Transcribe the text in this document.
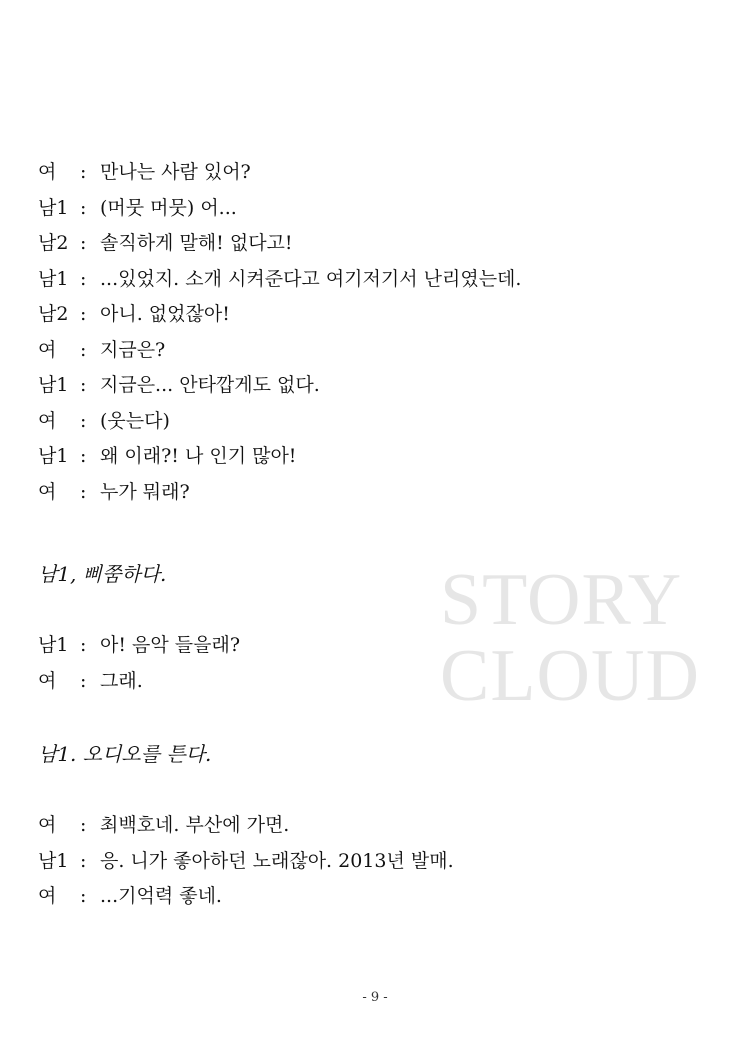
STORY
CLOUD
여	: 만나는 사람 있어?
남1 : (머뭇 머뭇) 어...
남2 : 솔직하게 말해! 없다고!
남1 : ...있었지. 소개 시켜준다고 여기저기서 난리였는데.
남2 : 아니. 없었잖아!
여	: 지금은?
남1 : 지금은... 안타깝게도 없다.
여	: (웃는다)
남1 : 왜 이래?! 나 인기 많아!
여	: 누가 뭐래?
남1, 삐쭘하다.
남1 : 아! 음악 들을래?
여	: 그래.
남1. 오디오를 튼다.
여	: 최백호네. 부산에 가면.
남1 : 응. 니가 좋아하던 노래잖아. 2013년 발매.
여	: ...기억력 좋네.
- 9 -
